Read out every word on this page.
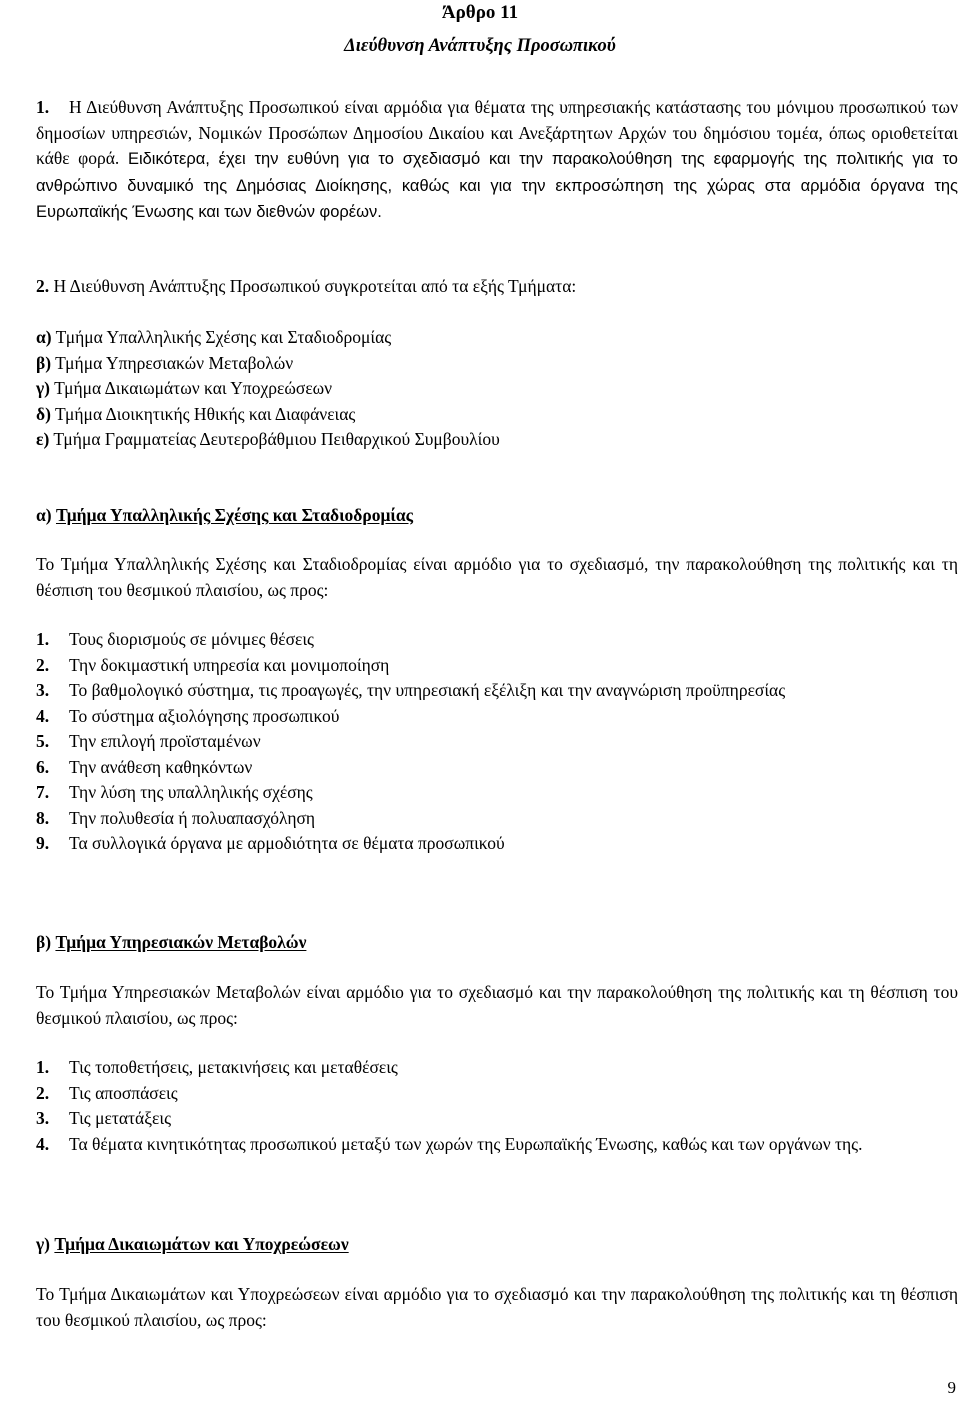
Άρθρο 11
Διεύθυνση Ανάπτυξης Προσωπικού
1.	Η Διεύθυνση Ανάπτυξης Προσωπικού είναι αρμόδια για θέματα της υπηρεσιακής κατάστασης του μόνιμου προσωπικού των δημοσίων υπηρεσιών, Νομικών Προσώπων Δημοσίου Δικαίου και Ανεξάρτητων Αρχών του δημόσιου τομέα, όπως οριοθετείται κάθε φορά. Ειδικότερα, έχει την ευθύνη για το σχεδιασμό και την παρακολούθηση της εφαρμογής της πολιτικής για το ανθρώπινο δυναμικό της Δημόσιας Διοίκησης, καθώς και για την εκπροσώπηση της χώρας στα αρμόδια όργανα της Ευρωπαϊκής Ένωσης και των διεθνών φορέων.
2. Η Διεύθυνση Ανάπτυξης Προσωπικού συγκροτείται από τα εξής Τμήματα:
α) Τμήμα Υπαλληλικής Σχέσης και Σταδιοδρομίας
β) Τμήμα Υπηρεσιακών Μεταβολών
γ) Τμήμα Δικαιωμάτων και Υποχρεώσεων
δ) Τμήμα Διοικητικής Ηθικής και Διαφάνειας
ε) Τμήμα Γραμματείας Δευτεροβάθμιου Πειθαρχικού Συμβουλίου
α) Τμήμα Υπαλληλικής Σχέσης και Σταδιοδρομίας
Το Τμήμα Υπαλληλικής Σχέσης και Σταδιοδρομίας είναι αρμόδιο για το σχεδιασμό, την παρακολούθηση της πολιτικής και τη θέσπιση του θεσμικού πλαισίου, ως προς:
1.	Τους διορισμούς σε μόνιμες θέσεις
2.	Την δοκιμαστική υπηρεσία και μονιμοποίηση
3.	Το βαθμολογικό σύστημα, τις προαγωγές, την υπηρεσιακή εξέλιξη και την αναγνώριση προϋπηρεσίας
4.	Το σύστημα αξιολόγησης προσωπικού
5.	Την επιλογή προϊσταμένων
6.	Την ανάθεση καθηκόντων
7.	Την λύση της υπαλληλικής σχέσης
8.	Την πολυθεσία ή πολυαπασχόληση
9.	Τα συλλογικά όργανα με αρμοδιότητα σε θέματα προσωπικού
β) Τμήμα Υπηρεσιακών Μεταβολών
Το Τμήμα Υπηρεσιακών Μεταβολών είναι αρμόδιο για το σχεδιασμό και την παρακολούθηση της πολιτικής και τη θέσπιση του θεσμικού πλαισίου, ως προς:
1.	Τις τοποθετήσεις, μετακινήσεις και μεταθέσεις
2.	Τις αποσπάσεις
3.	Τις μετατάξεις
4.	Τα θέματα κινητικότητας προσωπικού μεταξύ των χωρών της Ευρωπαϊκής Ένωσης, καθώς και των οργάνων της.
γ) Τμήμα Δικαιωμάτων και Υποχρεώσεων
Το Τμήμα Δικαιωμάτων και Υποχρεώσεων είναι αρμόδιο για το σχεδιασμό και την παρακολούθηση της πολιτικής και τη θέσπιση του θεσμικού πλαισίου, ως προς:
9
